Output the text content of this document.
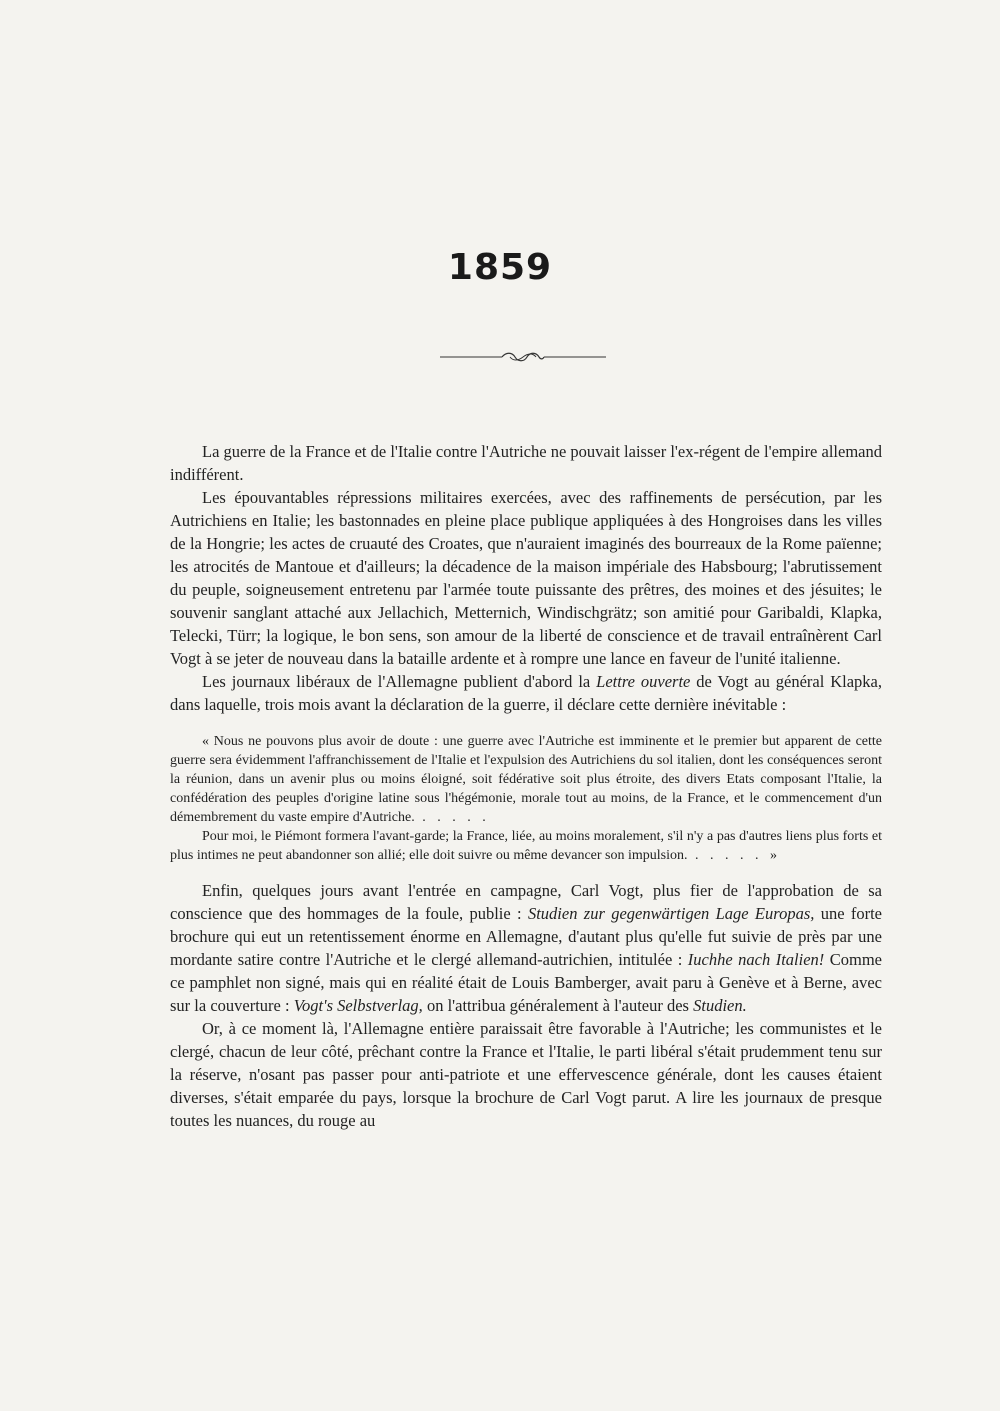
1859

La guerre de la France et de l'Italie contre l'Autriche ne pouvait laisser l'ex-régent de l'empire allemand indifférent.

Les épouvantables répressions militaires exercées, avec des raffinements de persécution, par les Autrichiens en Italie; les bastonnades en pleine place publique appliquées à des Hongroises dans les villes de la Hongrie; les actes de cruauté des Croates, que n'auraient imaginés des bourreaux de la Rome païenne; les atrocités de Mantoue et d'ailleurs; la décadence de la maison impériale des Habsbourg; l'abrutissement du peuple, soigneusement entretenu par l'armée toute puissante des prêtres, des moines et des jésuites; le souvenir sanglant attaché aux Jellachich, Metternich, Windischgrätz; son amitié pour Garibaldi, Klapka, Telecki, Türr; la logique, le bon sens, son amour de la liberté de conscience et de travail entraînèrent Carl Vogt à se jeter de nouveau dans la bataille ardente et à rompre une lance en faveur de l'unité italienne.

Les journaux libéraux de l'Allemagne publient d'abord la Lettre ouverte de Vogt au général Klapka, dans laquelle, trois mois avant la déclaration de la guerre, il déclare cette dernière inévitable :

« Nous ne pouvons plus avoir de doute : une guerre avec l'Autriche est imminente et le premier but apparent de cette guerre sera évidemment l'affranchissement de l'Italie et l'expulsion des Autrichiens du sol italien, dont les conséquences seront la réunion, dans un avenir plus ou moins éloigné, soit fédérative soit plus étroite, des divers Etats composant l'Italie, la confédération des peuples d'origine latine sous l'hégémonie, morale tout au moins, de la France, et le commencement d'un démembrement du vaste empire d'Autriche. . . . . .

Pour moi, le Piémont formera l'avant-garde; la France, liée, au moins moralement, s'il n'y a pas d'autres liens plus forts et plus intimes ne peut abandonner son allié; elle doit suivre ou même devancer son impulsion. . . . . . »

Enfin, quelques jours avant l'entrée en campagne, Carl Vogt, plus fier de l'approbation de sa conscience que des hommages de la foule, publie : Studien zur gegenwärtigen Lage Europas, une forte brochure qui eut un retentissement énorme en Allemagne, d'autant plus qu'elle fut suivie de près par une mordante satire contre l'Autriche et le clergé allemand-autrichien, intitulée : Iuchhe nach Italien! Comme ce pamphlet non signé, mais qui en réalité était de Louis Bamberger, avait paru à Genève et à Berne, avec sur la couverture : Vogt's Selbstverlag, on l'attribua généralement à l'auteur des Studien.

Or, à ce moment là, l'Allemagne entière paraissait être favorable à l'Autriche; les communistes et le clergé, chacun de leur côté, prêchant contre la France et l'Italie, le parti libéral s'était prudemment tenu sur la réserve, n'osant pas passer pour anti-patriote et une effervescence générale, dont les causes étaient diverses, s'était emparée du pays, lorsque la brochure de Carl Vogt parut. A lire les journaux de presque toutes les nuances, du rouge au
